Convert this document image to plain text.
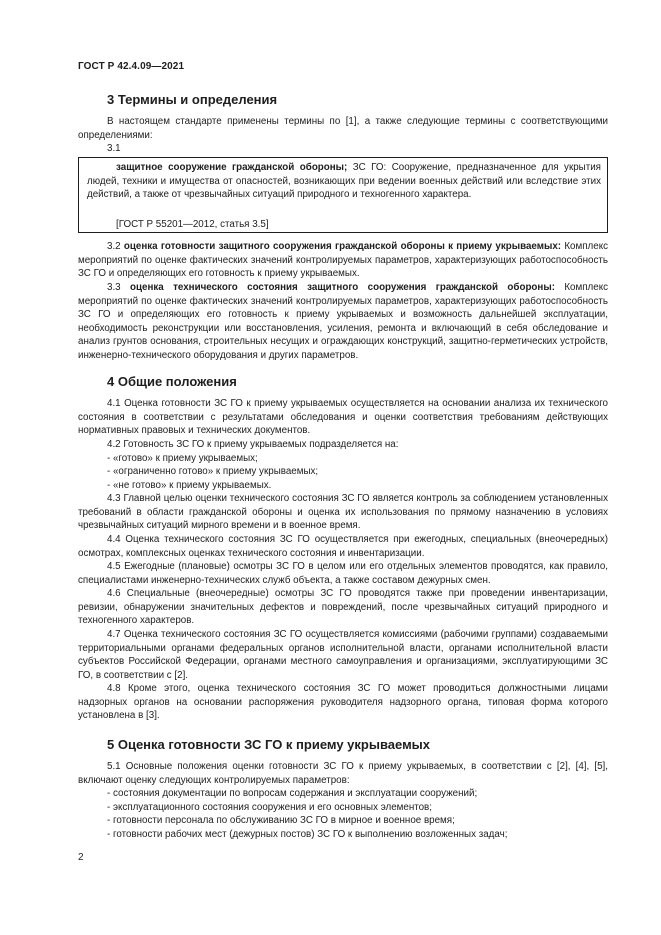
ГОСТ Р 42.4.09—2021
3 Термины и определения

В настоящем стандарте применены термины по [1], а также следующие термины с соответствующими определениями:

3.1
защитное сооружение гражданской обороны; ЗС ГО: Сооружение, предназначенное для укрытия людей, техники и имущества от опасностей, возникающих при ведении военных действий или вследствие этих действий, а также от чрезвычайных ситуаций природного и техногенного характера.
[ГОСТ Р 55201—2012, статья 3.5]

3.2 оценка готовности защитного сооружения гражданской обороны к приему укрываемых: Комплекс мероприятий по оценке фактических значений контролируемых параметров, характеризующих работоспособность ЗС ГО и определяющих его готовность к приему укрываемых.

3.3 оценка технического состояния защитного сооружения гражданской обороны: Комплекс мероприятий по оценке фактических значений контролируемых параметров, характеризующих работоспособность ЗС ГО и определяющих его готовность к приему укрываемых и возможность дальнейшей эксплуатации, необходимость реконструкции или восстановления, усиления, ремонта и включающий в себя обследование и анализ грунтов основания, строительных несущих и ограждающих конструкций, защитно-герметических устройств, инженерно-технического оборудования и других параметров.

4 Общие положения

4.1 Оценка готовности ЗС ГО к приему укрываемых осуществляется на основании анализа их технического состояния в соответствии с результатами обследования и оценки соответствия требованиям действующих нормативных правовых и технических документов.

4.2 Готовность ЗС ГО к приему укрываемых подразделяется на:

- «готово» к приему укрываемых;
- «ограниченно готово» к приему укрываемых;
- «не готово» к приему укрываемых.

4.3 Главной целью оценки технического состояния ЗС ГО является контроль за соблюдением установленных требований в области гражданской обороны и оценка их использования по прямому назначению в условиях чрезвычайных ситуаций мирного времени и в военное время.

4.4 Оценка технического состояния ЗС ГО осуществляется при ежегодных, специальных (внеочередных) осмотрах, комплексных оценках технического состояния и инвентаризации.

4.5 Ежегодные (плановые) осмотры ЗС ГО в целом или его отдельных элементов проводятся, как правило, специалистами инженерно-технических служб объекта, а также составом дежурных смен.

4.6 Специальные (внеочередные) осмотры ЗС ГО проводятся также при проведении инвентаризации, ревизии, обнаружении значительных дефектов и повреждений, после чрезвычайных ситуаций природного и техногенного характеров.

4.7 Оценка технического состояния ЗС ГО осуществляется комиссиями (рабочими группами) создаваемыми территориальными органами федеральных органов исполнительной власти, органами исполнительной власти субъектов Российской Федерации, органами местного самоуправления и организациями, эксплуатирующими ЗС ГО, в соответствии с [2].

4.8 Кроме этого, оценка технического состояния ЗС ГО может проводиться должностными лицами надзорных органов на основании распоряжения руководителя надзорного органа, типовая форма которого установлена в [3].

5 Оценка готовности ЗС ГО к приему укрываемых

5.1 Основные положения оценки готовности ЗС ГО к приему укрываемых, в соответствии с [2], [4], [5], включают оценку следующих контролируемых параметров:

- состояния документации по вопросам содержания и эксплуатации сооружений;
- эксплуатационного состояния сооружения и его основных элементов;
- готовности персонала по обслуживанию ЗС ГО в мирное и военное время;
- готовности рабочих мест (дежурных постов) ЗС ГО к выполнению возложенных задач;
2
